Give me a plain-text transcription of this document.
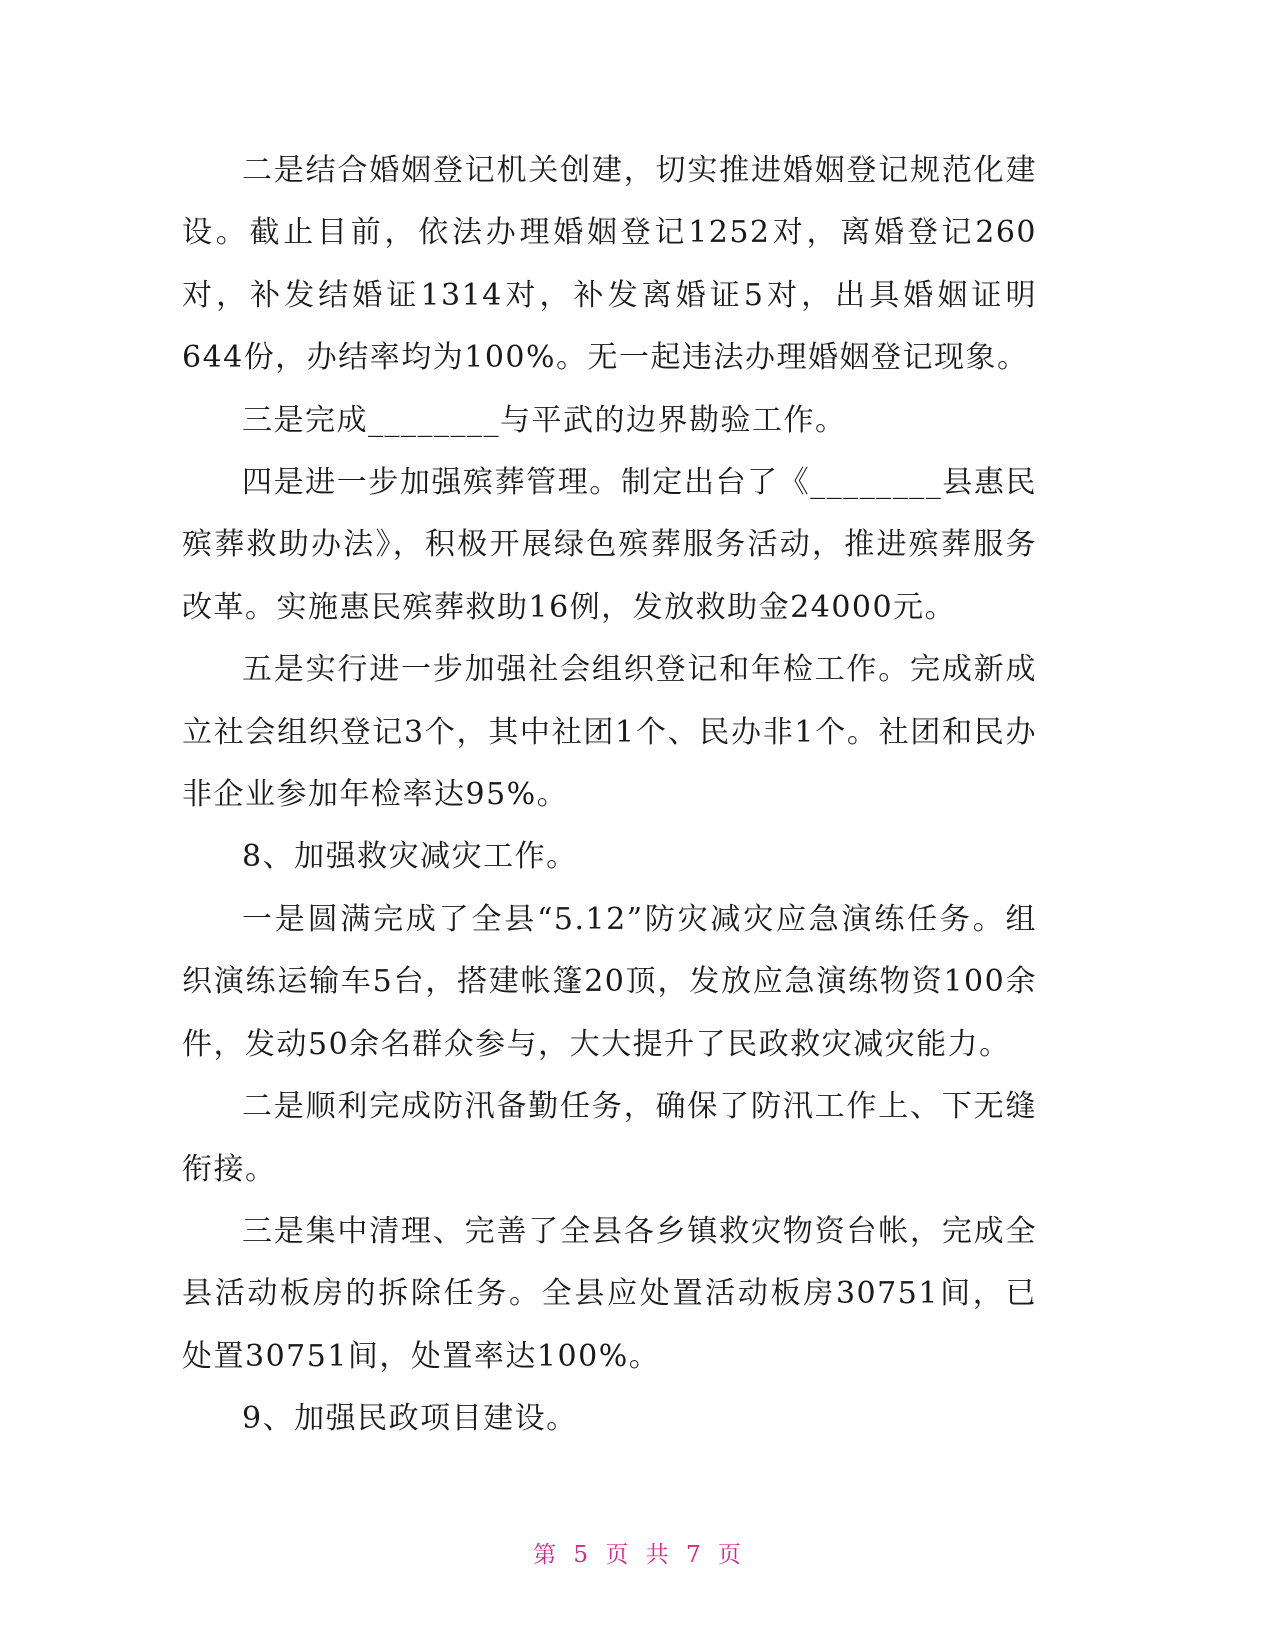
二是结合婚姻登记机关创建，切实推进婚姻登记规范化建设。截止目前，依法办理婚姻登记1252对，离婚登记260对，补发结婚证1314对，补发离婚证5对，出具婚姻证明644份，办结率均为100%。无一起违法办理婚姻登记现象。

三是完成________与平武的边界勘验工作。

四是进一步加强殡葬管理。制定出台了《________县惠民殡葬救助办法》，积极开展绿色殡葬服务活动，推进殡葬服务改革。实施惠民殡葬救助16例，发放救助金24000元。

五是实行进一步加强社会组织登记和年检工作。完成新成立社会组织登记3个，其中社团1个、民办非1个。社团和民办非企业参加年检率达95%。

8、加强救灾减灾工作。

一是圆满完成了全县“5.12”防灾减灾应急演练任务。组织演练运输车5台，搭建帐篷20顶，发放应急演练物资100余件，发动50余名群众参与，大大提升了民政救灾减灾能力。

二是顺利完成防汛备勤任务，确保了防汛工作上、下无缝衔接。

三是集中清理、完善了全县各乡镇救灾物资台帐，完成全县活动板房的拆除任务。全县应处置活动板房30751间，已处置30751间，处置率达100%。

9、加强民政项目建设。

第 5 页 共 7 页
